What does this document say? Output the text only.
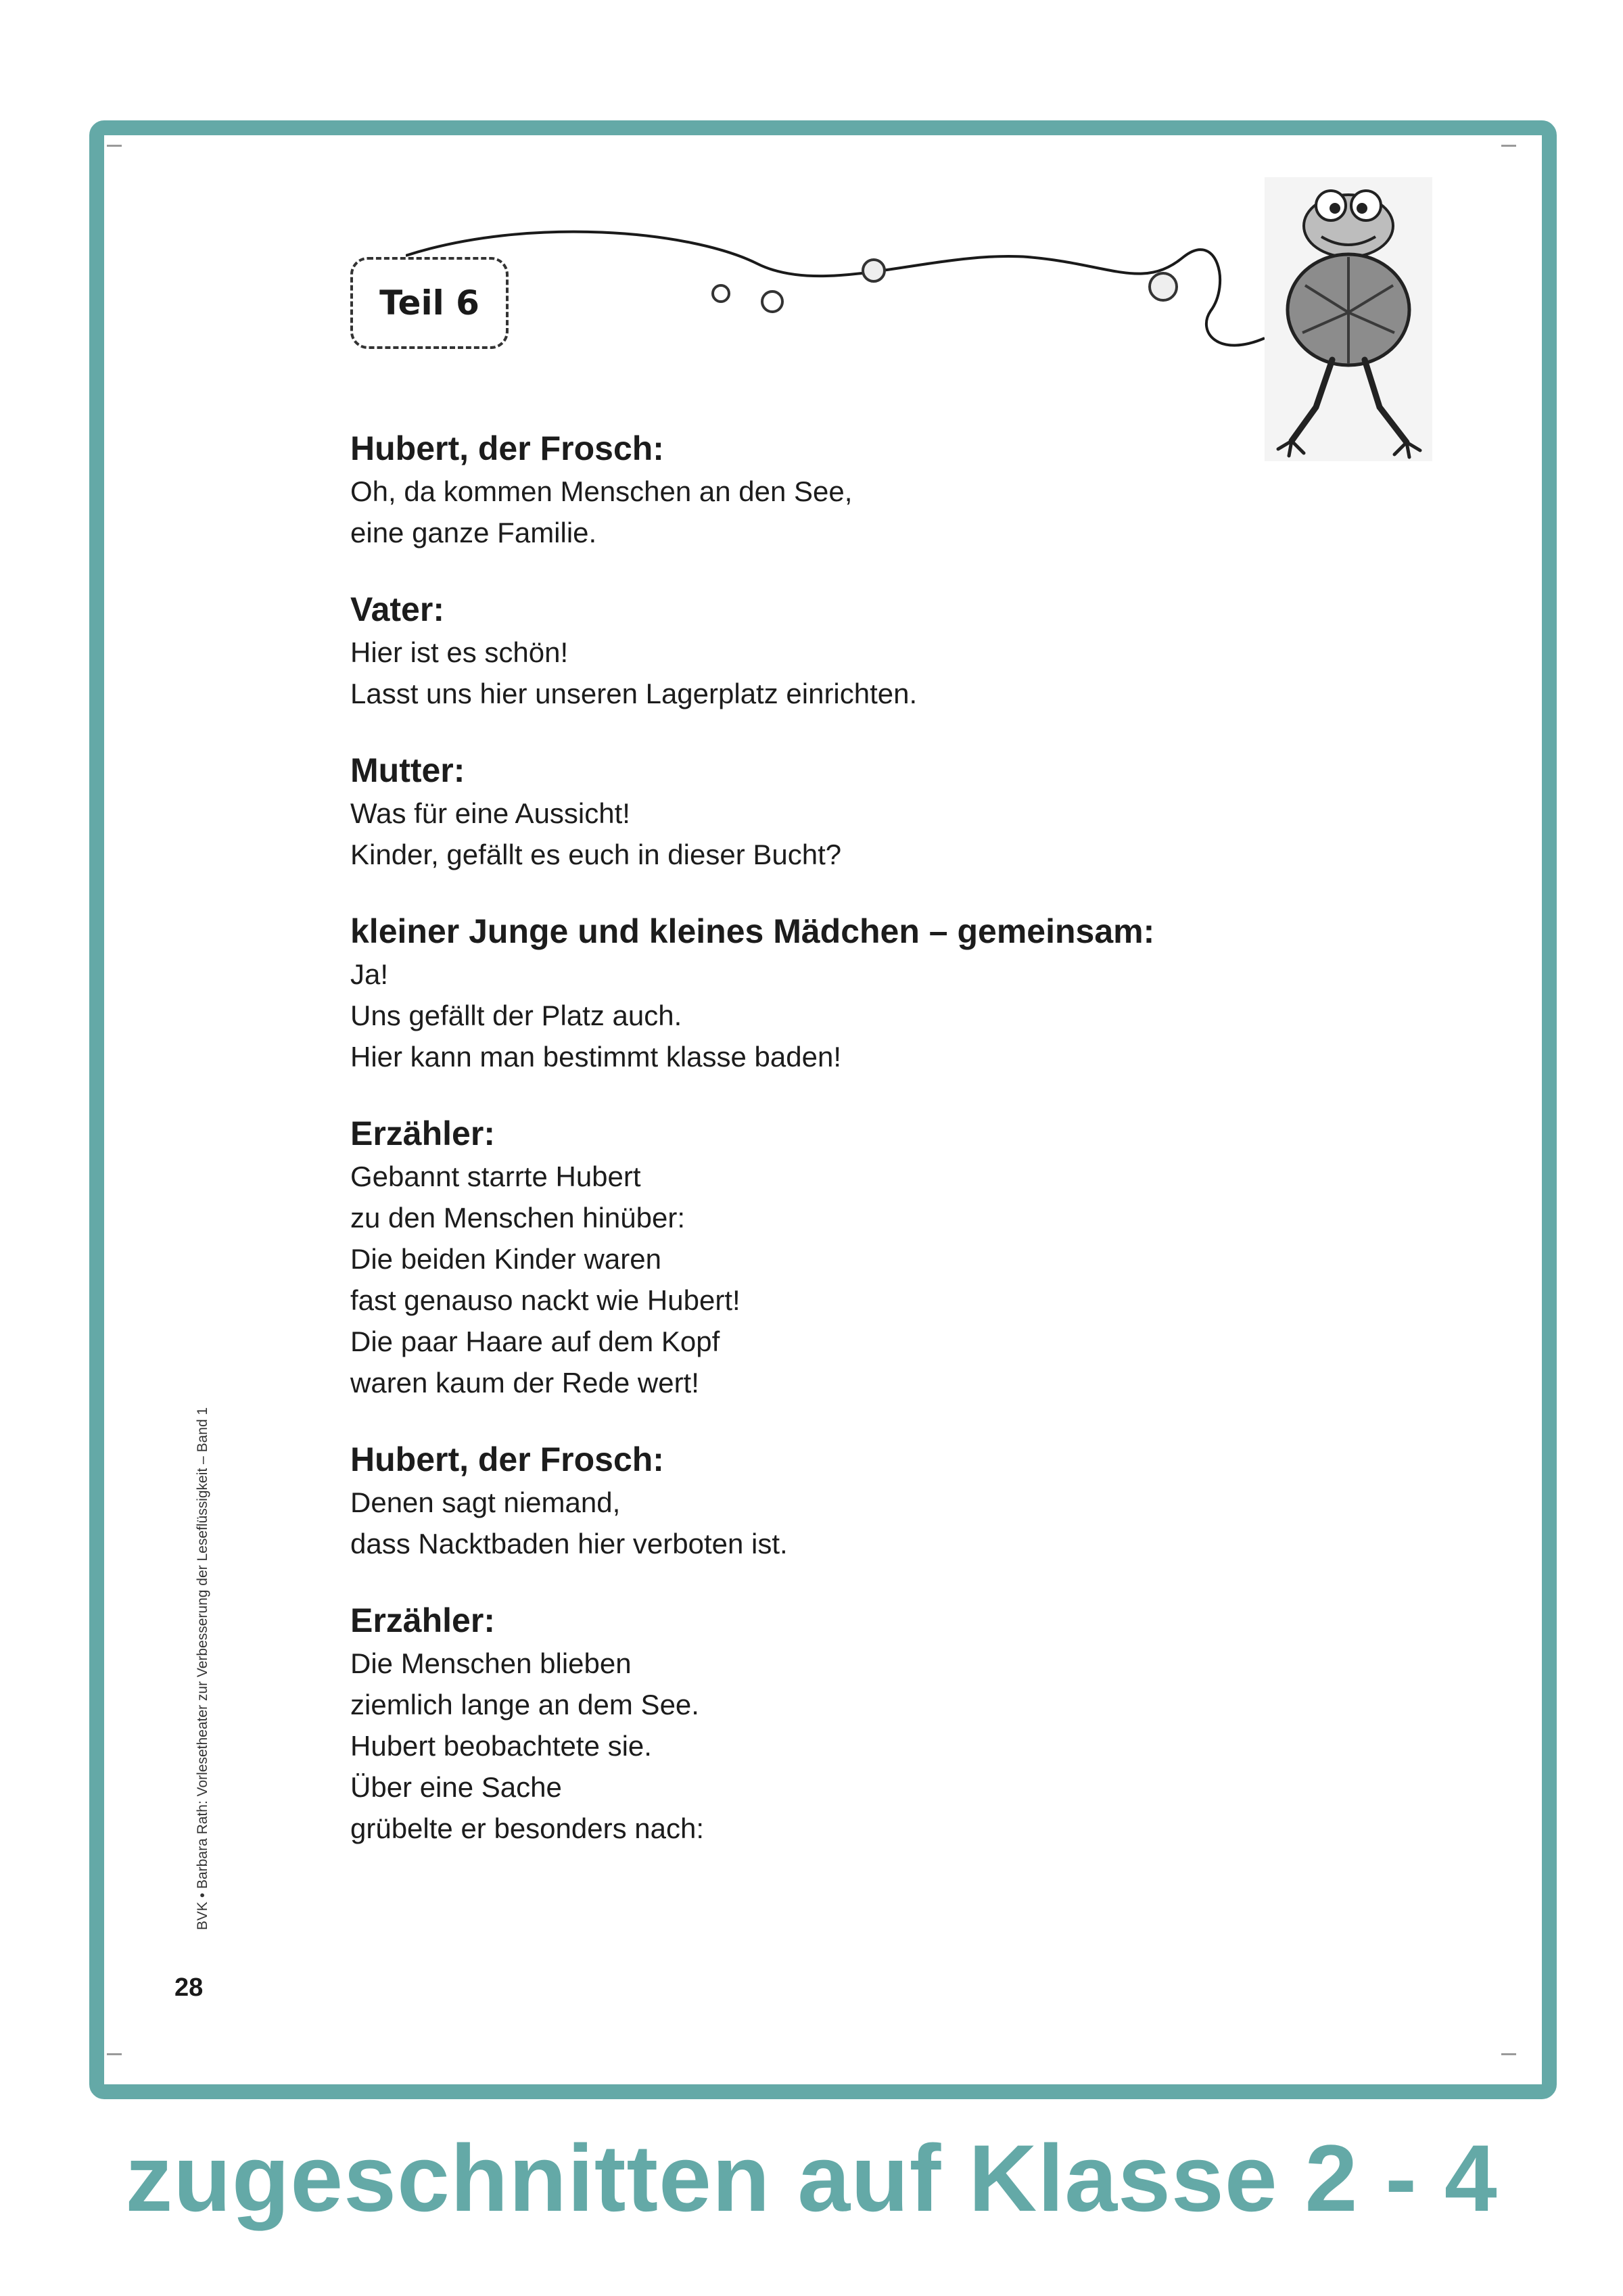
Teil 6
Hubert, der Frosch:
Oh, da kommen Menschen an den See,
eine ganze Familie.
Vater:
Hier ist es schön!
Lasst uns hier unseren Lagerplatz einrichten.
Mutter:
Was für eine Aussicht!
Kinder, gefällt es euch in dieser Bucht?
kleiner Junge und kleines Mädchen – gemeinsam:
Ja!
Uns gefällt der Platz auch.
Hier kann man bestimmt klasse baden!
Erzähler:
Gebannt starrte Hubert
zu den Menschen hinüber:
Die beiden Kinder waren
fast genauso nackt wie Hubert!
Die paar Haare auf dem Kopf
waren kaum der Rede wert!
Hubert, der Frosch:
Denen sagt niemand,
dass Nacktbaden hier verboten ist.
Erzähler:
Die Menschen blieben
ziemlich lange an dem See.
Hubert beobachtete sie.
Über eine Sache
grübelte er besonders nach:
BVK • Barbara Rath: Vorlesetheater zur Verbesserung der Leseflüssigkeit – Band 1
28
zugeschnitten auf Klasse 2 - 4
